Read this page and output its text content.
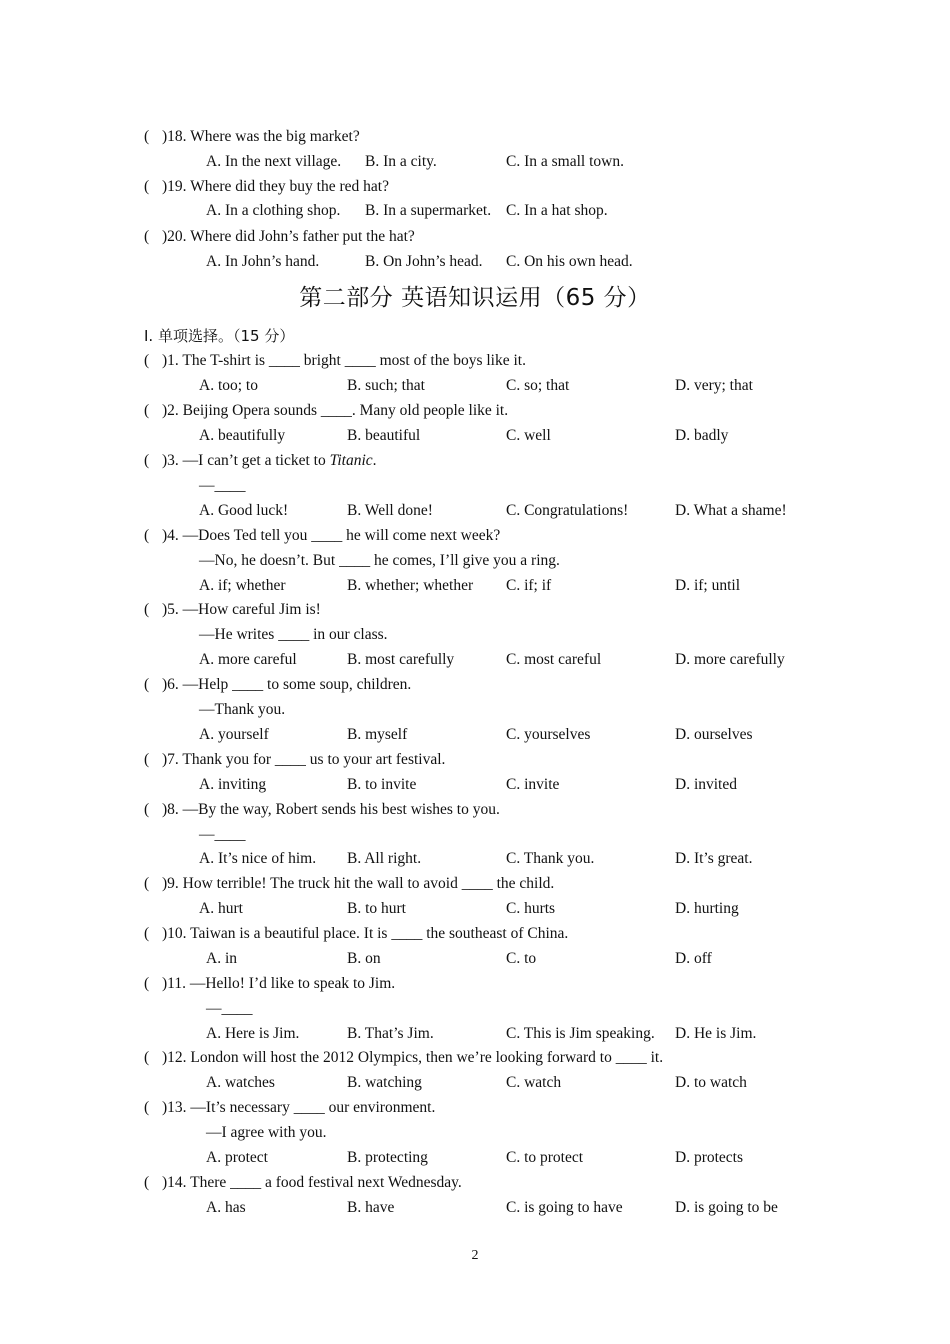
( )18. Where was the big market?
A. In the next village. B. In a city.	C. In a small town.
( )19. Where did they buy the red hat?
A. In a clothing shop. B. In a supermarket. C. In a hat shop.
( )20. Where did John’s father put the hat?
A. In John’s hand.	B. On John’s head. C. On his own head.
第二部分 英语知识运用（65 分）
Ⅰ. 单项选择。（15 分）
( )1. The T-shirt is ____ bright ____ most of the boys like it.
A. too; to	B. such; that	C. so; that	D. very; that
( )2. Beijing Opera sounds ____. Many old people like it.
A. beautifully	B. beautiful	C. well	D. badly
( )3. —I can’t get a ticket to Titanic.
—____
A. Good luck!	B. Well done!	C. Congratulations!	D. What a shame!
( )4. —Does Ted tell you ____ he will come next week?
—No, he doesn’t. But ____ he comes, I’ll give you a ring.
A. if; whether	B. whether; whether C. if; if	D. if; until
( )5. —How careful Jim is!
—He writes ____ in our class.
A. more careful	B. most carefully	C. most careful	D. more carefully
( )6. —Help ____ to some soup, children.
—Thank you.
A. yourself	B. myself	C. yourselves	D. ourselves
( )7. Thank you for ____ us to your art festival.
A. inviting	B. to invite	C. invite	D. invited
( )8. —By the way, Robert sends his best wishes to you.
—____
A. It’s nice of him. B. All right.	C. Thank you.	D. It’s great.
( )9. How terrible! The truck hit the wall to avoid ____ the child.
A. hurt	B. to hurt	C. hurts	D. hurting
( )10. Taiwan is a beautiful place. It is ____ the southeast of China.
A. in	B. on	C. to	D. off
( )11. —Hello! I’d like to speak to Jim.
—____
A. Here is Jim.	B. That’s Jim.	C. This is Jim speaking. D. He is Jim.
( )12. London will host the 2012 Olympics, then we’re looking forward to ____ it.
A. watches	B. watching	C. watch	D. to watch
( )13. —It’s necessary ____ our environment.
—I agree with you.
A. protect	B. protecting	C. to protect	D. protects
( )14. There ____ a food festival next Wednesday.
A. has	B. have	C. is going to have	D. is going to be
2
